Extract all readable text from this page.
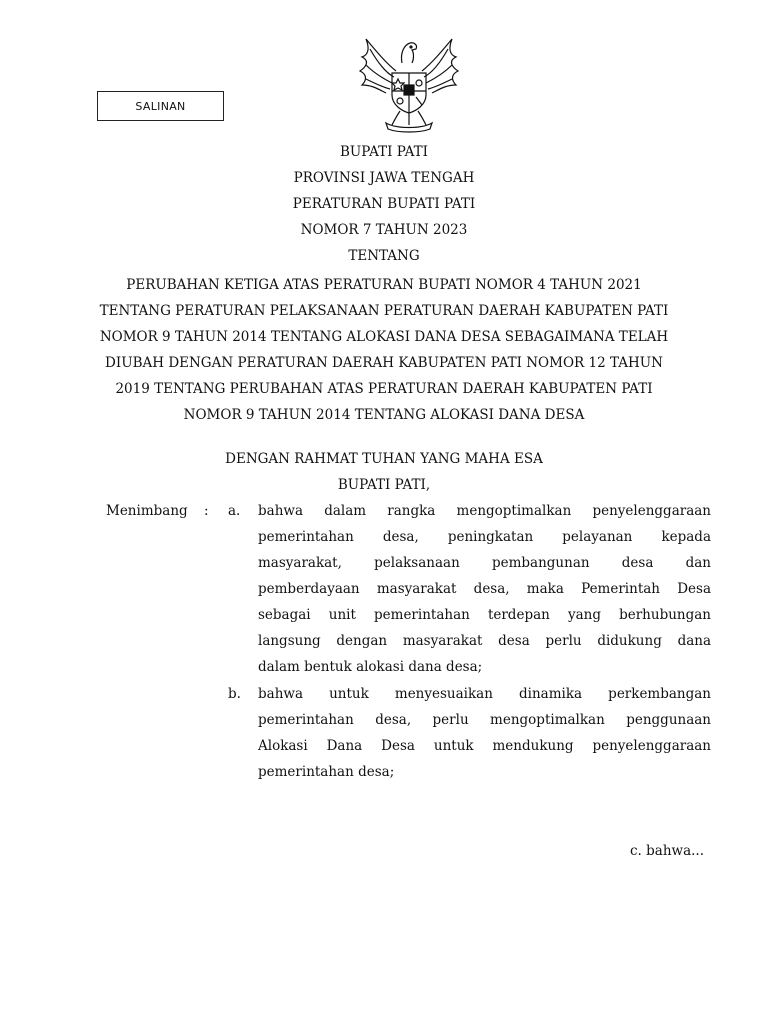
SALINAN
BUPATI PATI
PROVINSI JAWA TENGAH
PERATURAN BUPATI PATI
NOMOR 7 TAHUN 2023
TENTANG
PERUBAHAN KETIGA ATAS PERATURAN BUPATI NOMOR 4 TAHUN 2021
TENTANG PERATURAN PELAKSANAAN PERATURAN DAERAH KABUPATEN PATI
NOMOR 9 TAHUN 2014 TENTANG ALOKASI DANA DESA SEBAGAIMANA TELAH
DIUBAH DENGAN PERATURAN DAERAH KABUPATEN PATI NOMOR 12 TAHUN
2019 TENTANG PERUBAHAN ATAS PERATURAN DAERAH KABUPATEN PATI
NOMOR 9 TAHUN 2014 TENTANG ALOKASI DANA DESA
DENGAN RAHMAT TUHAN YANG MAHA ESA
BUPATI PATI,
Menimbang : a. bahwa dalam rangka mengoptimalkan penyelenggaraan
pemerintahan desa, peningkatan pelayanan kepada
masyarakat, pelaksanaan pembangunan desa dan
pemberdayaan masyarakat desa, maka Pemerintah Desa
sebagai unit pemerintahan terdepan yang berhubungan
langsung dengan masyarakat desa perlu didukung dana
dalam bentuk alokasi dana desa;
b. bahwa untuk menyesuaikan dinamika perkembangan
pemerintahan desa, perlu mengoptimalkan penggunaan
Alokasi Dana Desa untuk mendukung penyelenggaraan
pemerintahan desa;
c. bahwa...
